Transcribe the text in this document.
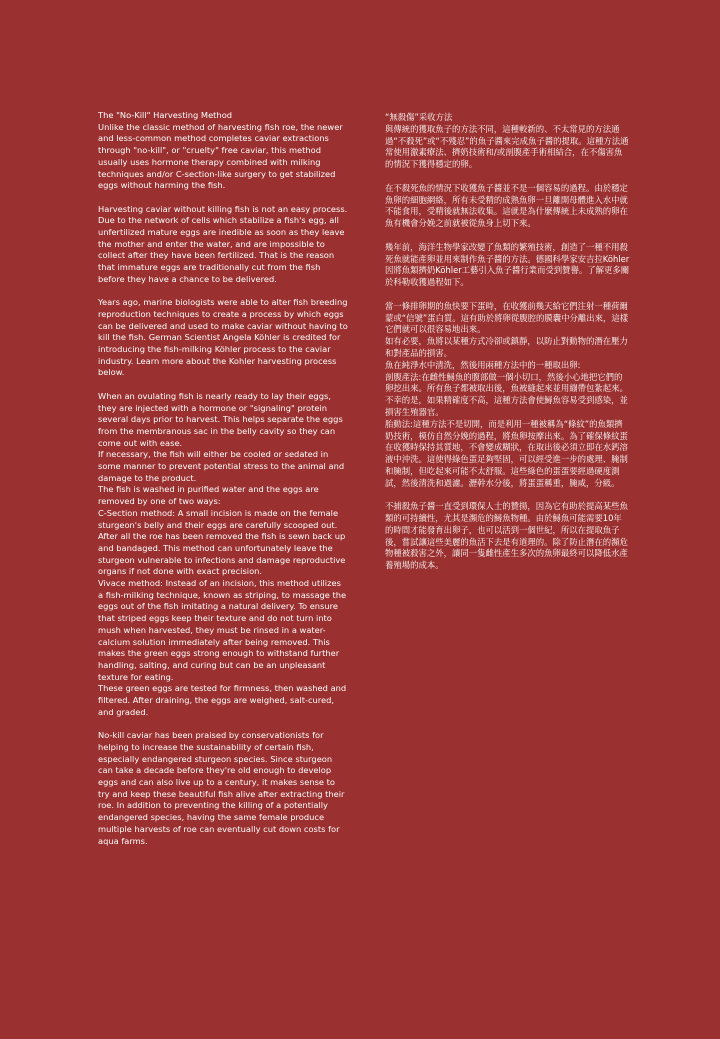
The "No-Kill" Harvesting Method

Unlike the classic method of harvesting fish roe, the newer and less-common method completes caviar extractions through "no-kill", or "cruelty" free caviar, this method usually uses hormone therapy combined with milking techniques and/or C-section-like surgery to get stabilized eggs without harming the fish.

Harvesting caviar without killing fish is not an easy process. Due to the network of cells which stabilize a fish's egg, all unfertilized mature eggs are inedible as soon as they leave the mother and enter the water, and are impossible to collect after they have been fertilized. That is the reason that immature eggs are traditionally cut from the fish before they have a chance to be delivered.

Years ago, marine biologists were able to alter fish breeding reproduction techniques to create a process by which eggs can be delivered and used to make caviar without having to kill the fish. German Scientist Angela Köhler is credited for introducing the fish-milking Köhler process to the caviar industry. Learn more about the Kohler harvesting process below.

When an ovulating fish is nearly ready to lay their eggs, they are injected with a hormone or "signaling" protein several days prior to harvest. This helps separate the eggs from the membranous sac in the belly cavity so they can come out with ease.

If necessary, the fish will either be cooled or sedated in some manner to prevent potential stress to the animal and damage to the product.

The fish is washed in purified water and the eggs are removed by one of two ways:

C-Section method: A small incision is made on the female sturgeon's belly and their eggs are carefully scooped out. After all the roe has been removed the fish is sewn back up and bandaged. This method can unfortunately leave the sturgeon vulnerable to infections and damage reproductive organs if not done with exact precision.

Vivace method: Instead of an incision, this method utilizes a fish-milking technique, known as striping, to massage the eggs out of the fish imitating a natural delivery. To ensure that striped eggs keep their texture and do not turn into mush when harvested, they must be rinsed in a water-calcium solution immediately after being removed. This makes the green eggs strong enough to withstand further handling, salting, and curing but can be an unpleasant texture for eating.

These green eggs are tested for firmness, then washed and filtered. After draining, the eggs are weighed, salt-cured, and graded.

No-kill caviar has been praised by conservationists for helping to increase the sustainability of certain fish, especially endangered sturgeon species. Since sturgeon can take a decade before they're old enough to develop eggs and can also live up to a century, it makes sense to try and keep these beautiful fish alive after extracting their roe. In addition to preventing the killing of a potentially endangered species, having the same female produce multiple harvests of roe can eventually cut down costs for aqua farms.

“無殺傷”采收方法

與傳統的獲取魚子的方法不同，這種較新的、不太常見的方法通過“不殺死”或“不殘忍”的魚子醬來完成魚子醬的提取。這種方法通常使用激素療法、擠奶技術和/或剖腹產手術相結合，在不傷害魚的情況下獲得穩定的卵。

在不殺死魚的情況下收獲魚子醬並不是一個容易的過程。由於穩定魚卵的細胞網絡，所有未受精的成熟魚卵一旦離開母體進入水中就不能食用，受精後就無法收集。這就是為什麼傳統上未成熟的卵在魚有機會分娩之前就被從魚身上切下來。

幾年前，海洋生物學家改變了魚類的繁殖技術，創造了一種不用殺死魚就能產卵並用來制作魚子醬的方法。德國科學家安吉拉Köhler因將魚類擠奶Köhler工藝引入魚子醬行業而受到贊譽。了解更多關於科勒收獲過程如下。

當一條排卵期的魚快要下蛋時，在收獲前幾天給它們注射一種荷爾蒙或“信號”蛋白質。這有助於將卵從腹腔的膜囊中分離出來，這樣它們就可以很容易地出來。

如有必要，魚將以某種方式冷卻或鎮靜，以防止對動物的潛在壓力和對產品的損害。

魚在純淨水中清洗，然後用兩種方法中的一種取出卵:

剖腹產法:在雌性鱘魚的腹部做一個小切口，然後小心地把它們的卵挖出來。所有魚子都被取出後，魚被縫起來並用繃帶包紮起來。不幸的是，如果精確度不高，這種方法會使鱘魚容易受到感染，並損害生殖器官。

胎動法:這種方法不是切開，而是利用一種被稱為“條紋”的魚類擠奶技術，模仿自然分娩的過程，將魚卵按摩出來。為了確保條紋蛋在收獲時保持其質地，不會變成糊狀，在取出後必須立即在水鈣溶液中沖洗。這使得綠色蛋足夠堅固，可以經受進一步的處理、腌制和腌制，但吃起來可能不太舒服。這些綠色的蛋蛋要經過硬度測試，然後清洗和過濾。瀝幹水分後，將蛋蛋稱重，腌咸，分級。

不捕殺魚子醬一直受到環保人士的贊揚，因為它有助於提高某些魚類的可持續性，尤其是瀕危的鱘魚物種。由於鱘魚可能需要10年的時間才能發育出卵子，也可以活到一個世紀，所以在提取魚子後，嘗試讓這些美麗的魚活下去是有道理的。除了防止潛在的瀕危物種被殺害之外，讓同一隻雌性產生多次的魚卵最終可以降低水產養殖場的成本。
